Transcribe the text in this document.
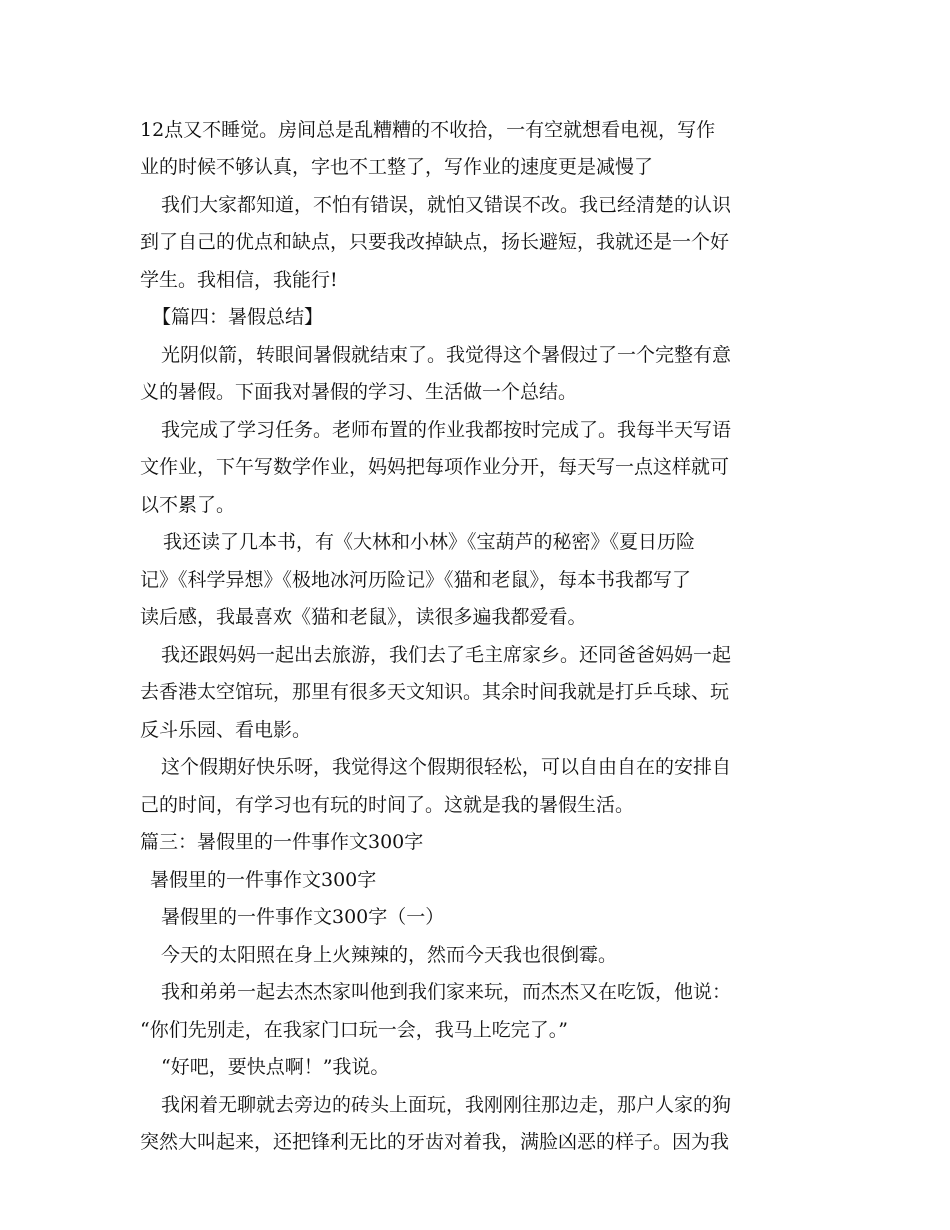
12点又不睡觉。房间总是乱糟糟的不收拾，一有空就想看电视，写作
业的时候不够认真，字也不工整了，写作业的速度更是减慢了
我们大家都知道，不怕有错误，就怕又错误不改。我已经清楚的认识
到了自己的优点和缺点，只要我改掉缺点，扬长避短，我就还是一个好
学生。我相信，我能行!
【篇四：暑假总结】
光阴似箭，转眼间暑假就结束了。我觉得这个暑假过了一个完整有意
义的暑假。下面我对暑假的学习、生活做一个总结。
我完成了学习任务。老师布置的作业我都按时完成了。我每半天写语
文作业，下午写数学作业，妈妈把每项作业分开，每天写一点这样就可
以不累了。
我还读了几本书，有《大林和小林》《宝葫芦的秘密》《夏日历险
记》《科学异想》《极地冰河历险记》《猫和老鼠》，每本书我都写了
读后感，我最喜欢《猫和老鼠》，读很多遍我都爱看。
我还跟妈妈一起出去旅游，我们去了毛主席家乡。还同爸爸妈妈一起
去香港太空馆玩，那里有很多天文知识。其余时间我就是打乒乓球、玩
反斗乐园、看电影。
这个假期好快乐呀，我觉得这个假期很轻松，可以自由自在的安排自
己的时间，有学习也有玩的时间了。这就是我的暑假生活。
篇三：暑假里的一件事作文300字
暑假里的一件事作文300字
暑假里的一件事作文300字（一）
今天的太阳照在身上火辣辣的，然而今天我也很倒霉。
我和弟弟一起去杰杰家叫他到我们家来玩，而杰杰又在吃饭，他说：
“你们先别走，在我家门口玩一会，我马上吃完了。”
“好吧，要快点啊！”我说。
我闲着无聊就去旁边的砖头上面玩，我刚刚往那边走，那户人家的狗
突然大叫起来，还把锋利无比的牙齿对着我，满脸凶恶的样子。因为我
